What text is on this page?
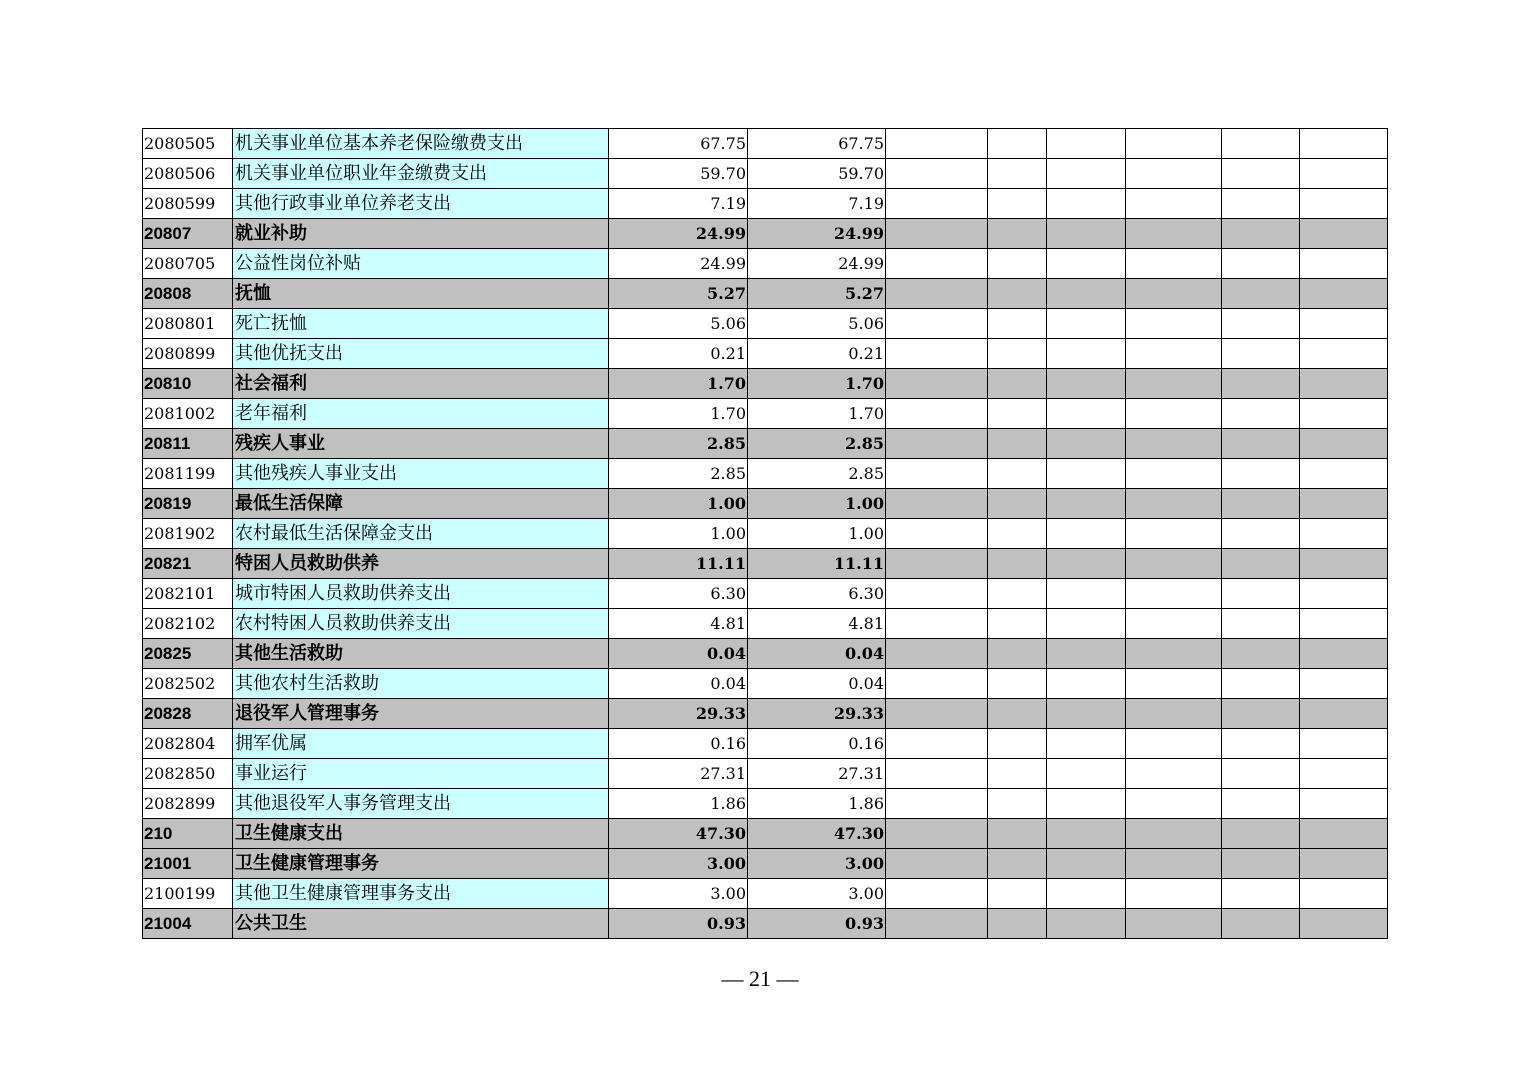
2080505	机关事业单位基本养老保险缴费支出	67.75	67.75						
2080506	机关事业单位职业年金缴费支出	59.70	59.70						
2080599	其他行政事业单位养老支出	7.19	7.19						
20807	就业补助	24.99	24.99						
2080705	公益性岗位补贴	24.99	24.99						
20808	抚恤	5.27	5.27						
2080801	死亡抚恤	5.06	5.06						
2080899	其他优抚支出	0.21	0.21						
20810	社会福利	1.70	1.70						
2081002	老年福利	1.70	1.70						
20811	残疾人事业	2.85	2.85						
2081199	其他残疾人事业支出	2.85	2.85						
20819	最低生活保障	1.00	1.00						
2081902	农村最低生活保障金支出	1.00	1.00						
20821	特困人员救助供养	11.11	11.11						
2082101	城市特困人员救助供养支出	6.30	6.30						
2082102	农村特困人员救助供养支出	4.81	4.81						
20825	其他生活救助	0.04	0.04						
2082502	其他农村生活救助	0.04	0.04						
20828	退役军人管理事务	29.33	29.33						
2082804	拥军优属	0.16	0.16						
2082850	事业运行	27.31	27.31						
2082899	其他退役军人事务管理支出	1.86	1.86						
210	卫生健康支出	47.30	47.30						
21001	卫生健康管理事务	3.00	3.00						
2100199	其他卫生健康管理事务支出	3.00	3.00						
21004	公共卫生	0.93	0.93						
— 21 —
